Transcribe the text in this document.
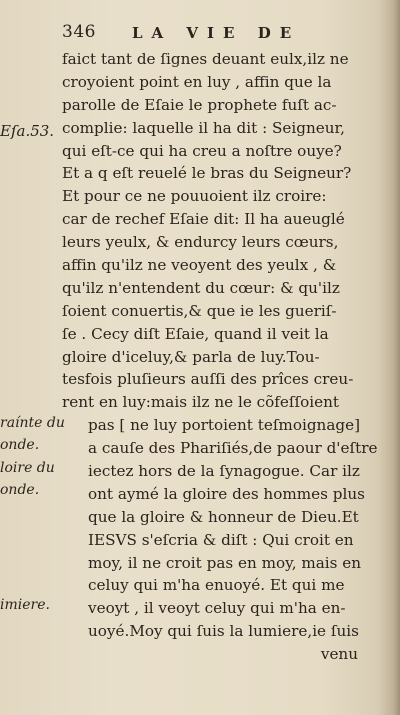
346 LA VIE DE
Eſa.53.
raínte du
onde.
loire du
onde.
imiere.
faict tant de ſignes deuant eulx,ilz ne
croyoient point en luy , affin que la
parolle de Eſaie le prophete fuſt ac-
complie: laquelle il ha dit : Seigneur,
qui eſt-ce qui ha creu a noſtre ouye?
Et a q eſt reuelé le bras du Seigneur?
Et pour ce ne pouuoient ilz croire:
car de rechef Eſaie dit: Il ha aueuglé
leurs yeulx, & endurcy leurs cœurs,
affin qu'ilz ne veoyent des yeulx , &
qu'ilz n'entendent du cœur: & qu'ilz
ſoient conuertis,& que ie les gueriſ-
ſe . Cecy diſt Eſaie, quand il veit la
gloire d'iceluy,& parla de luy.Tou-
tesfois pluſieurs auſſi des prîces creu-
rent en luy:mais ilz ne le cõfeſſoient
pas [ ne luy portoient teſmoignage]
a cauſe des Phariſiés,de paour d'eſtre
iectez hors de la ſynagogue. Car ilz
ont aymé la gloire des hommes plus
que la gloire & honneur de Dieu.Et
IESVS s'eſcria & diſt : Qui croit en
moy, il ne croit pas en moy, mais en
celuy qui m'ha enuoyé. Et qui me
veoyt , il veoyt celuy qui m'ha en-
uoyé.Moy qui ſuis la lumiere,ie ſuis
venu
